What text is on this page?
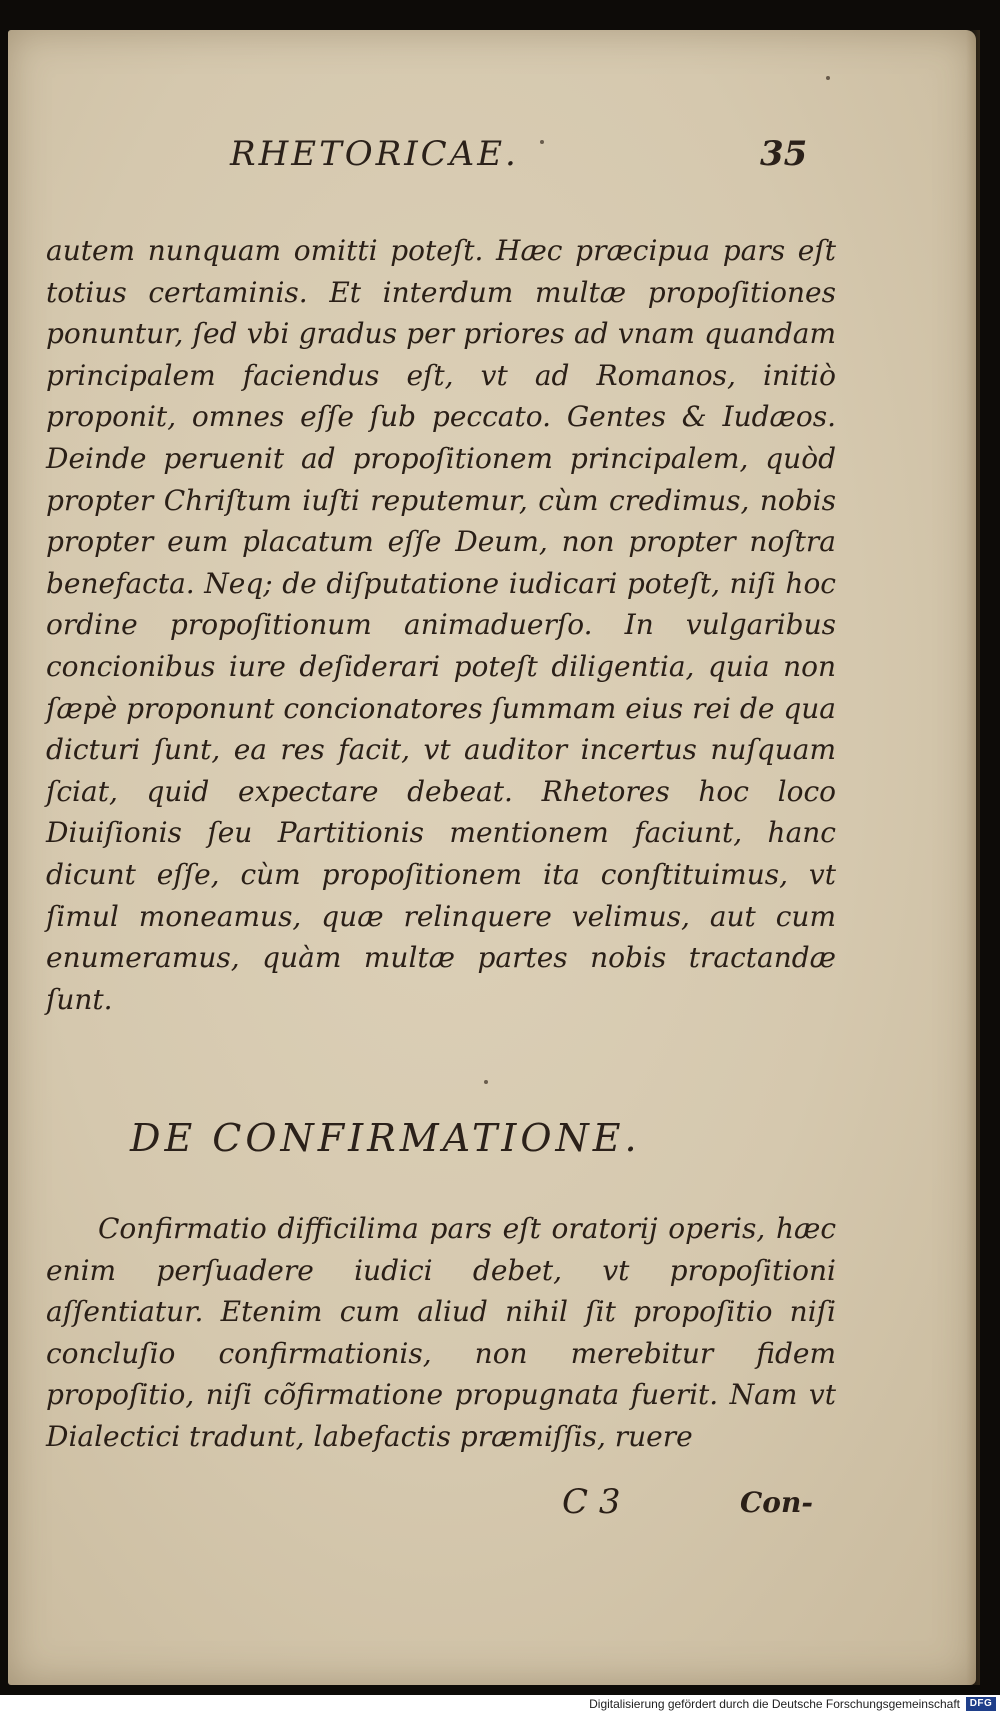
RHETORICAE.	35

autem nunquam omitti poteſt. Hæc præcipua pars eſt totius certaminis. Et interdum multæ propoſitiones ponuntur, ſed vbi gradus per priores ad vnam quandam principalem faciendus eſt, vt ad Romanos, initiò proponit, omnes eſſe ſub peccato. Gentes & Iudæos. Deinde peruenit ad propoſitionem principalem, quòd propter Chriſtum iuſti reputemur, cùm credimus, nobis propter eum placatum eſſe Deum, non propter noſtra benefacta. Neq; de diſputatione iudicari poteſt, niſi hoc ordine propoſitionum animaduerſo. In vulgaribus concionibus iure deſiderari poteſt diligentia, quia non ſæpè proponunt concionatores ſummam eius rei de qua dicturi ſunt, ea res facit, vt auditor incertus nuſquam ſciat, quid expectare debeat. Rhetores hoc loco Diuiſionis ſeu Partitionis mentionem faciunt, hanc dicunt eſſe, cùm propoſitionem ita conſtituimus, vt ſimul moneamus, quæ relinquere velimus, aut cum enumeramus, quàm multæ partes nobis tractandæ ſunt.

DE CONFIRMATIONE.

Confirmatio difficilima pars eſt oratorij operis, hæc enim perſuadere iudici debet, vt propoſitioni aſſentiatur. Etenim cum aliud nihil ſit propoſitio niſi concluſio confirmationis, non merebitur fidem propoſitio, niſi cõfirmatione propugnata fuerit. Nam vt Dialectici tradunt, labefactis præmiſſis, ruere

C 3	Con-
Digitalisierung gefördert durch die Deutsche Forschungsgemeinschaft DFG
